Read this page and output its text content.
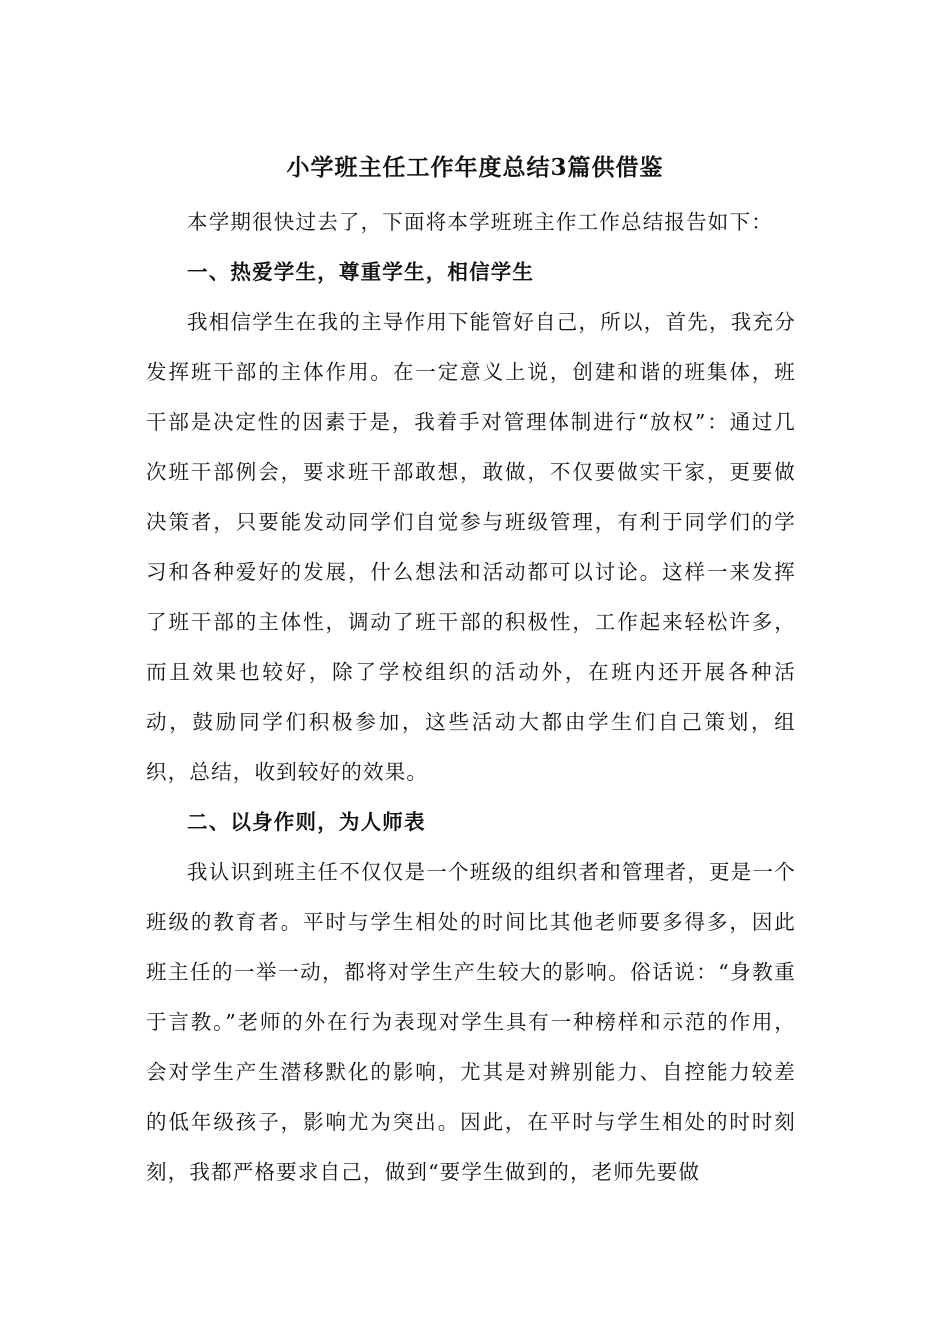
小学班主任工作年度总结3篇供借鉴

本学期很快过去了，下面将本学班班主作工作总结报告如下：

一、热爱学生，尊重学生，相信学生

我相信学生在我的主导作用下能管好自己，所以，首先，我充分发挥班干部的主体作用。在一定意义上说，创建和谐的班集体，班干部是决定性的因素于是，我着手对管理体制进行“放权”：通过几次班干部例会，要求班干部敢想，敢做，不仅要做实干家，更要做决策者，只要能发动同学们自觉参与班级管理，有利于同学们的学习和各种爱好的发展，什么想法和活动都可以讨论。这样一来发挥了班干部的主体性，调动了班干部的积极性，工作起来轻松许多，而且效果也较好，除了学校组织的活动外，在班内还开展各种活动，鼓励同学们积极参加，这些活动大都由学生们自己策划，组织，总结，收到较好的效果。

二、以身作则，为人师表

我认识到班主任不仅仅是一个班级的组织者和管理者，更是一个班级的教育者。平时与学生相处的时间比其他老师要多得多，因此班主任的一举一动，都将对学生产生较大的影响。俗话说：“身教重于言教。”老师的外在行为表现对学生具有一种榜样和示范的作用，会对学生产生潜移默化的影响，尤其是对辨别能力、自控能力较差的低年级孩子，影响尤为突出。因此，在平时与学生相处的时时刻刻，我都严格要求自己，做到“要学生做到的，老师先要做
